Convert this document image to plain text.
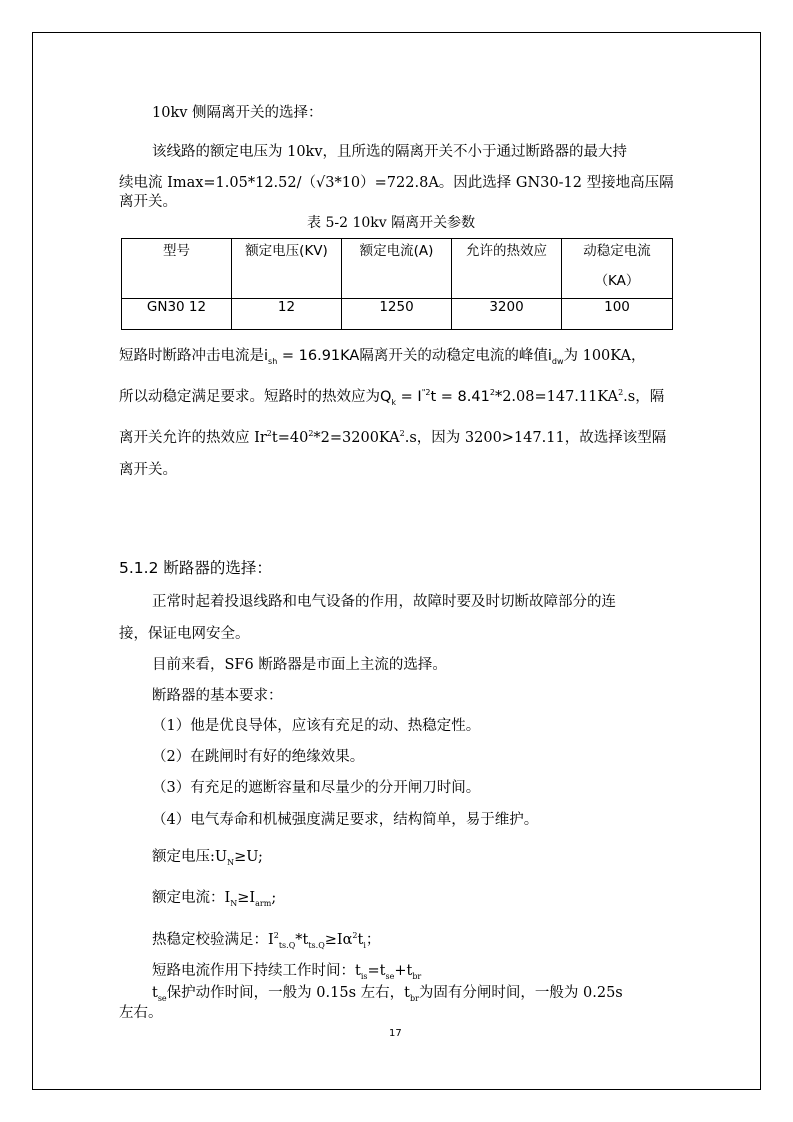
10kv 侧隔离开关的选择：
该线路的额定电压为 10kv，且所选的隔离开关不小于通过断路器的最大持
续电流 Imax=1.05*12.52/（√3*10）=722.8A。因此选择 GN30-12 型接地高压隔
离开关。
表 5-2 10kv 隔离开关参数
型号	额定电压(KV)	额定电流(A)	允许的热效应	动稳定电流
（KA）

GN30 12	12	1250	3200	100
短路时断路冲击电流是$i_{sh} = 16.91KA$隔离开关的动稳定电流的峰值$i_{dw}$为 100KA，
所以动稳定满足要求。短路时的热效应为$Q_k = I^{"2}t = 8.41^2*2.08=147.11KA^2.s$，隔
离开关允许的热效应 $Ir^2t=40^2*2=3200KA^2.s$，因为 3200>147.11，故选择该型隔
离开关。
5.1.2 断路器的选择：
正常时起着投退线路和电气设备的作用，故障时要及时切断故障部分的连
接，保证电网安全。
目前来看，SF6 断路器是市面上主流的选择。
断路器的基本要求：
（1）他是优良导体，应该有充足的动、热稳定性。
（2）在跳闸时有好的绝缘效果。
（3）有充足的遮断容量和尽量少的分开闸刀时间。
（4）电气寿命和机械强度满足要求，结构简单，易于维护。
额定电压$:U_N\ge U$;
额定电流：$I_N\ge I_{arm}$;
热稳定校验满足：$I^2_{ts.Q}*t_{ts.Q}\ge I\alpha^2t_i$；
短路电流作用下持续工作时间：$t_{is}=t_{se}+t_{br}$
$t_{se}$保护动作时间，一般为 0.15s 左右，$t_{br}$为固有分闸时间，一般为 0.25s
左右。
17
